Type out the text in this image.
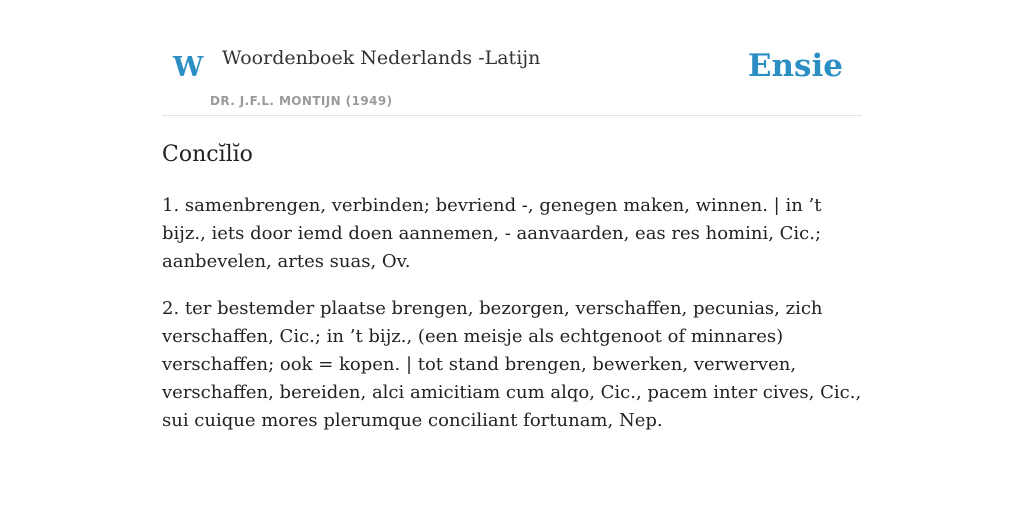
W Woordenboek Nederlands -Latijn
DR. J.F.L. MONTIJN (1949)
Ensie
Concĭlĭo

1. samenbrengen, verbinden; bevriend -, genegen maken, winnen. | in ’t bijz., iets door iemd doen aannemen, - aanvaarden, eas res homini, Cic.; aanbevelen, artes suas, Ov.

2. ter bestemder plaatse brengen, bezorgen, verschaffen, pecunias, zich verschaffen, Cic.; in ’t bijz., (een meisje als echtgenoot of minnares) verschaffen; ook = kopen. | tot stand brengen, bewerken, verwerven, verschaffen, bereiden, alci amicitiam cum alqo, Cic., pacem inter cives, Cic., sui cuique mores plerumque conciliant fortunam, Nep.
